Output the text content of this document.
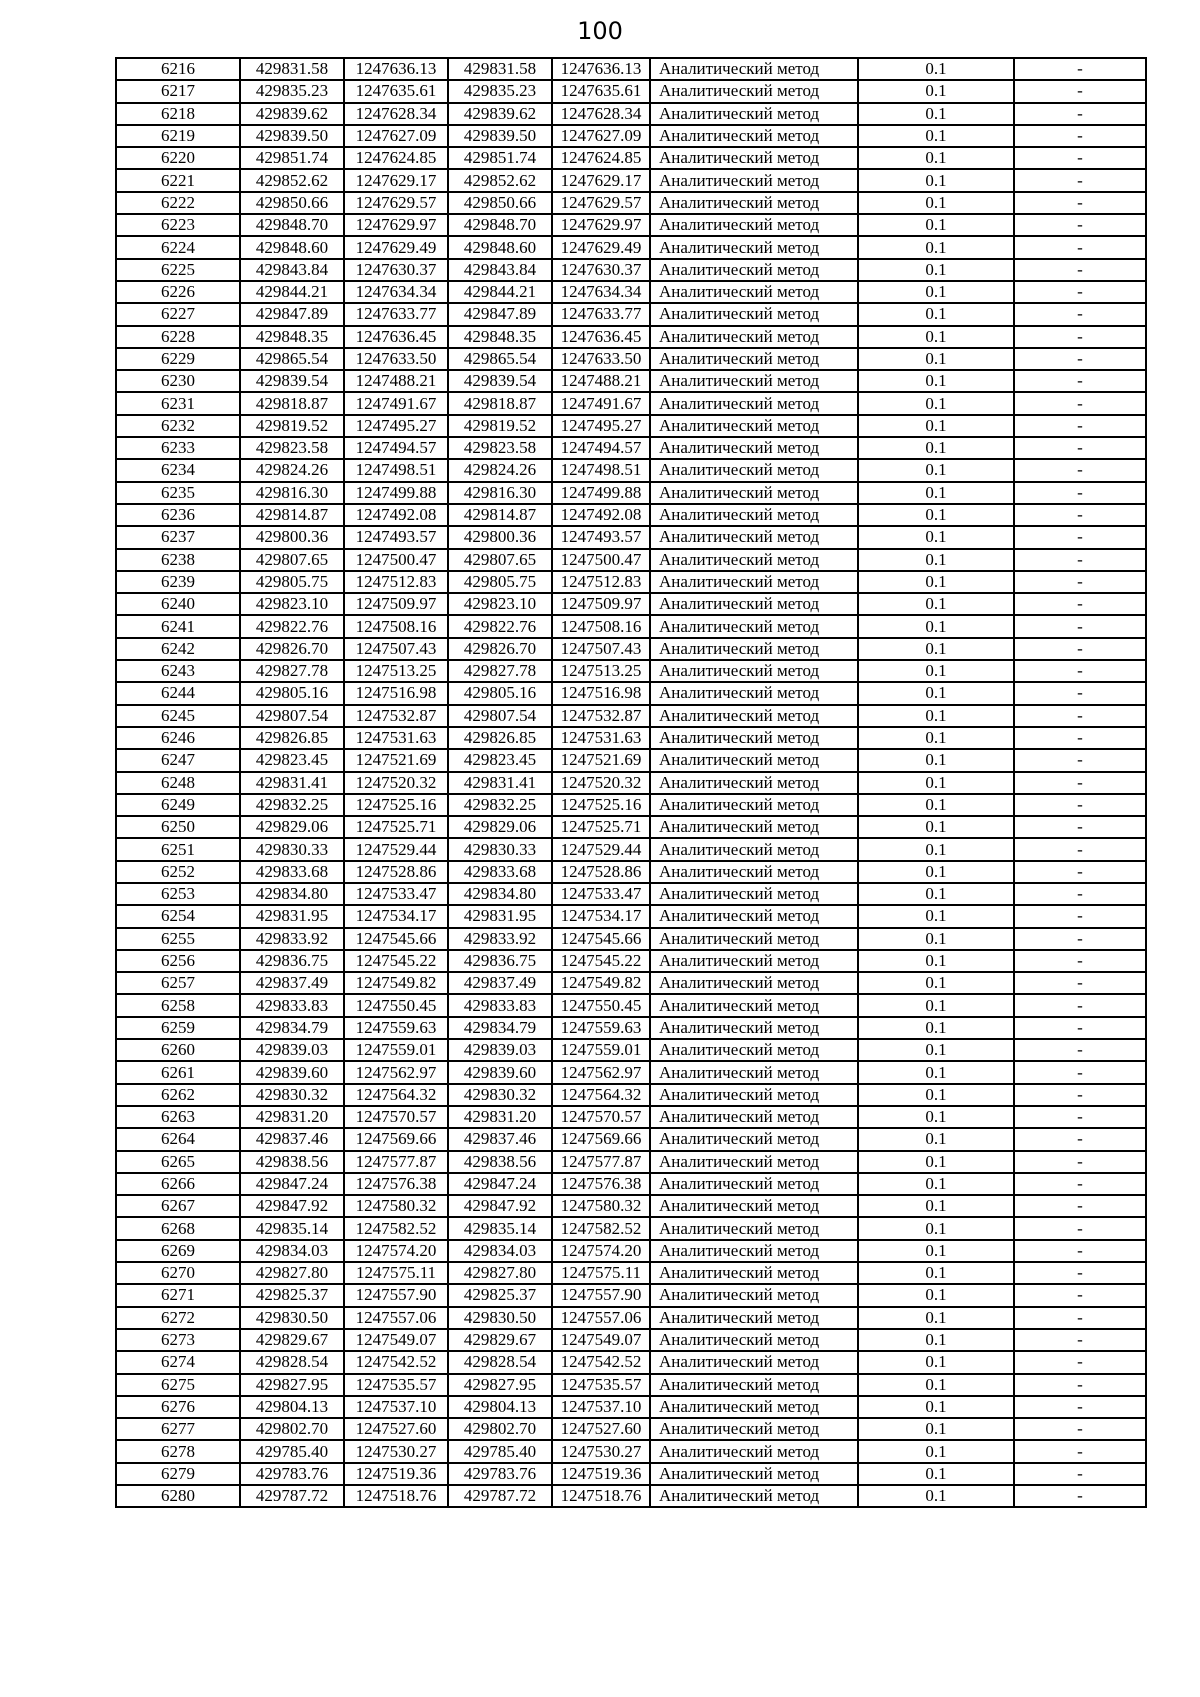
100
6216	429831.58	1247636.13	429831.58	1247636.13	Аналитический метод	0.1	-
6217	429835.23	1247635.61	429835.23	1247635.61	Аналитический метод	0.1	-
6218	429839.62	1247628.34	429839.62	1247628.34	Аналитический метод	0.1	-
6219	429839.50	1247627.09	429839.50	1247627.09	Аналитический метод	0.1	-
6220	429851.74	1247624.85	429851.74	1247624.85	Аналитический метод	0.1	-
6221	429852.62	1247629.17	429852.62	1247629.17	Аналитический метод	0.1	-
6222	429850.66	1247629.57	429850.66	1247629.57	Аналитический метод	0.1	-
6223	429848.70	1247629.97	429848.70	1247629.97	Аналитический метод	0.1	-
6224	429848.60	1247629.49	429848.60	1247629.49	Аналитический метод	0.1	-
6225	429843.84	1247630.37	429843.84	1247630.37	Аналитический метод	0.1	-
6226	429844.21	1247634.34	429844.21	1247634.34	Аналитический метод	0.1	-
6227	429847.89	1247633.77	429847.89	1247633.77	Аналитический метод	0.1	-
6228	429848.35	1247636.45	429848.35	1247636.45	Аналитический метод	0.1	-
6229	429865.54	1247633.50	429865.54	1247633.50	Аналитический метод	0.1	-
6230	429839.54	1247488.21	429839.54	1247488.21	Аналитический метод	0.1	-
6231	429818.87	1247491.67	429818.87	1247491.67	Аналитический метод	0.1	-
6232	429819.52	1247495.27	429819.52	1247495.27	Аналитический метод	0.1	-
6233	429823.58	1247494.57	429823.58	1247494.57	Аналитический метод	0.1	-
6234	429824.26	1247498.51	429824.26	1247498.51	Аналитический метод	0.1	-
6235	429816.30	1247499.88	429816.30	1247499.88	Аналитический метод	0.1	-
6236	429814.87	1247492.08	429814.87	1247492.08	Аналитический метод	0.1	-
6237	429800.36	1247493.57	429800.36	1247493.57	Аналитический метод	0.1	-
6238	429807.65	1247500.47	429807.65	1247500.47	Аналитический метод	0.1	-
6239	429805.75	1247512.83	429805.75	1247512.83	Аналитический метод	0.1	-
6240	429823.10	1247509.97	429823.10	1247509.97	Аналитический метод	0.1	-
6241	429822.76	1247508.16	429822.76	1247508.16	Аналитический метод	0.1	-
6242	429826.70	1247507.43	429826.70	1247507.43	Аналитический метод	0.1	-
6243	429827.78	1247513.25	429827.78	1247513.25	Аналитический метод	0.1	-
6244	429805.16	1247516.98	429805.16	1247516.98	Аналитический метод	0.1	-
6245	429807.54	1247532.87	429807.54	1247532.87	Аналитический метод	0.1	-
6246	429826.85	1247531.63	429826.85	1247531.63	Аналитический метод	0.1	-
6247	429823.45	1247521.69	429823.45	1247521.69	Аналитический метод	0.1	-
6248	429831.41	1247520.32	429831.41	1247520.32	Аналитический метод	0.1	-
6249	429832.25	1247525.16	429832.25	1247525.16	Аналитический метод	0.1	-
6250	429829.06	1247525.71	429829.06	1247525.71	Аналитический метод	0.1	-
6251	429830.33	1247529.44	429830.33	1247529.44	Аналитический метод	0.1	-
6252	429833.68	1247528.86	429833.68	1247528.86	Аналитический метод	0.1	-
6253	429834.80	1247533.47	429834.80	1247533.47	Аналитический метод	0.1	-
6254	429831.95	1247534.17	429831.95	1247534.17	Аналитический метод	0.1	-
6255	429833.92	1247545.66	429833.92	1247545.66	Аналитический метод	0.1	-
6256	429836.75	1247545.22	429836.75	1247545.22	Аналитический метод	0.1	-
6257	429837.49	1247549.82	429837.49	1247549.82	Аналитический метод	0.1	-
6258	429833.83	1247550.45	429833.83	1247550.45	Аналитический метод	0.1	-
6259	429834.79	1247559.63	429834.79	1247559.63	Аналитический метод	0.1	-
6260	429839.03	1247559.01	429839.03	1247559.01	Аналитический метод	0.1	-
6261	429839.60	1247562.97	429839.60	1247562.97	Аналитический метод	0.1	-
6262	429830.32	1247564.32	429830.32	1247564.32	Аналитический метод	0.1	-
6263	429831.20	1247570.57	429831.20	1247570.57	Аналитический метод	0.1	-
6264	429837.46	1247569.66	429837.46	1247569.66	Аналитический метод	0.1	-
6265	429838.56	1247577.87	429838.56	1247577.87	Аналитический метод	0.1	-
6266	429847.24	1247576.38	429847.24	1247576.38	Аналитический метод	0.1	-
6267	429847.92	1247580.32	429847.92	1247580.32	Аналитический метод	0.1	-
6268	429835.14	1247582.52	429835.14	1247582.52	Аналитический метод	0.1	-
6269	429834.03	1247574.20	429834.03	1247574.20	Аналитический метод	0.1	-
6270	429827.80	1247575.11	429827.80	1247575.11	Аналитический метод	0.1	-
6271	429825.37	1247557.90	429825.37	1247557.90	Аналитический метод	0.1	-
6272	429830.50	1247557.06	429830.50	1247557.06	Аналитический метод	0.1	-
6273	429829.67	1247549.07	429829.67	1247549.07	Аналитический метод	0.1	-
6274	429828.54	1247542.52	429828.54	1247542.52	Аналитический метод	0.1	-
6275	429827.95	1247535.57	429827.95	1247535.57	Аналитический метод	0.1	-
6276	429804.13	1247537.10	429804.13	1247537.10	Аналитический метод	0.1	-
6277	429802.70	1247527.60	429802.70	1247527.60	Аналитический метод	0.1	-
6278	429785.40	1247530.27	429785.40	1247530.27	Аналитический метод	0.1	-
6279	429783.76	1247519.36	429783.76	1247519.36	Аналитический метод	0.1	-
6280	429787.72	1247518.76	429787.72	1247518.76	Аналитический метод	0.1	-
